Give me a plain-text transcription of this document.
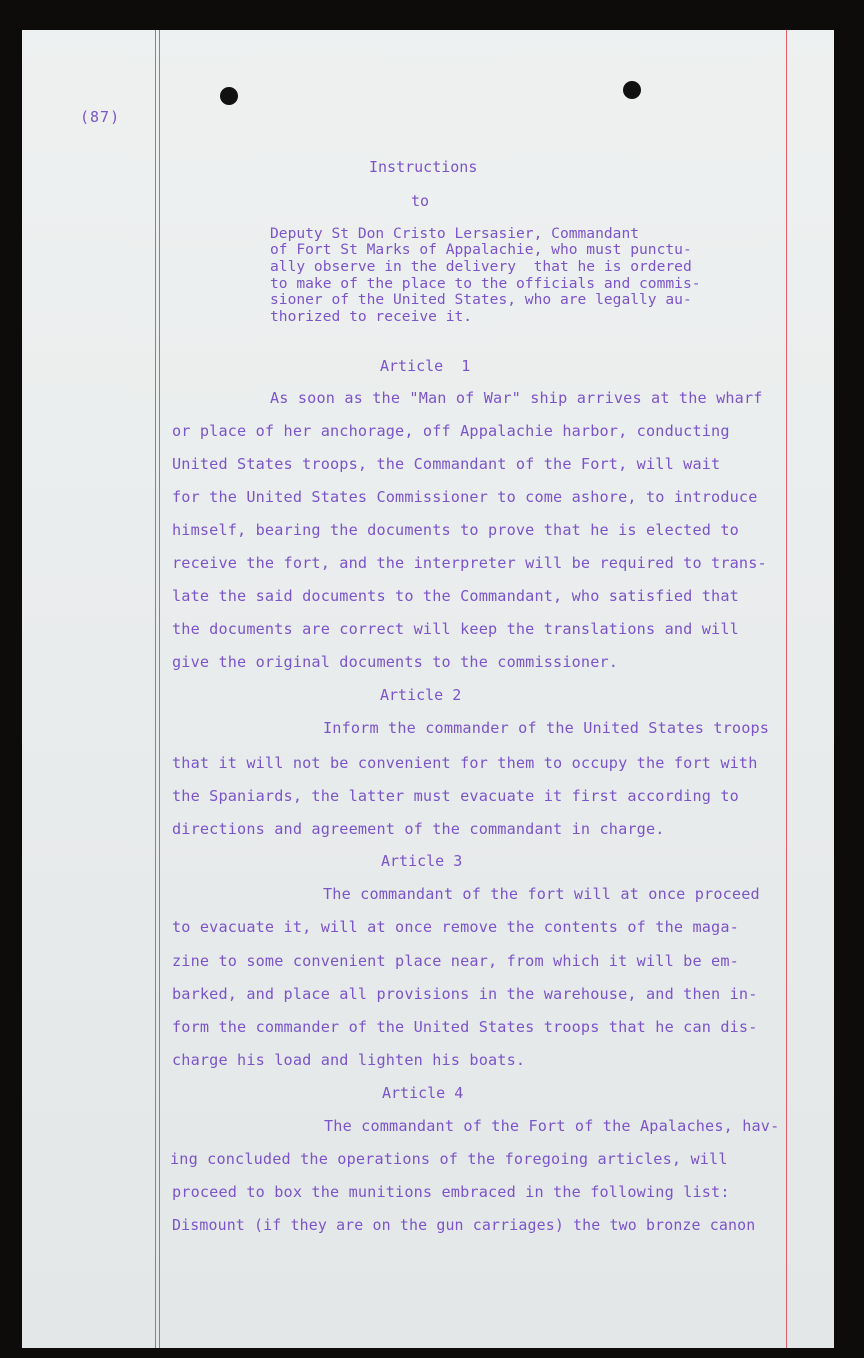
(87)
Instructions
to
Deputy St Don Cristo Lersasier, Commandant
of Fort St Marks of Appalachie, who must punctu-
ally observe in the delivery  that he is ordered
to make of the place to the officials and commis-
sioner of the United States, who are legally au-
thorized to receive it.
Article  1
As soon as the "Man of War" ship arrives at the wharf
or place of her anchorage, off Appalachie harbor, conducting
United States troops, the Commandant of the Fort, will wait
for the United States Commissioner to come ashore, to introduce
himself, bearing the documents to prove that he is elected to
receive the fort, and the interpreter will be required to trans-
late the said documents to the Commandant, who satisfied that
the documents are correct will keep the translations and will
give the original documents to the commissioner.
Article 2
Inform the commander of the United States troops
that it will not be convenient for them to occupy the fort with
the Spaniards, the latter must evacuate it first according to
directions and agreement of the commandant in charge.
Article 3
The commandant of the fort will at once proceed
to evacuate it, will at once remove the contents of the maga-
zine to some convenient place near, from which it will be em-
barked, and place all provisions in the warehouse, and then in-
form the commander of the United States troops that he can dis-
charge his load and lighten his boats.
Article 4
The commandant of the Fort of the Apalaches, hav-
ing concluded the operations of the foregoing articles, will
proceed to box the munitions embraced in the following list:
Dismount (if they are on the gun carriages) the two bronze canon
